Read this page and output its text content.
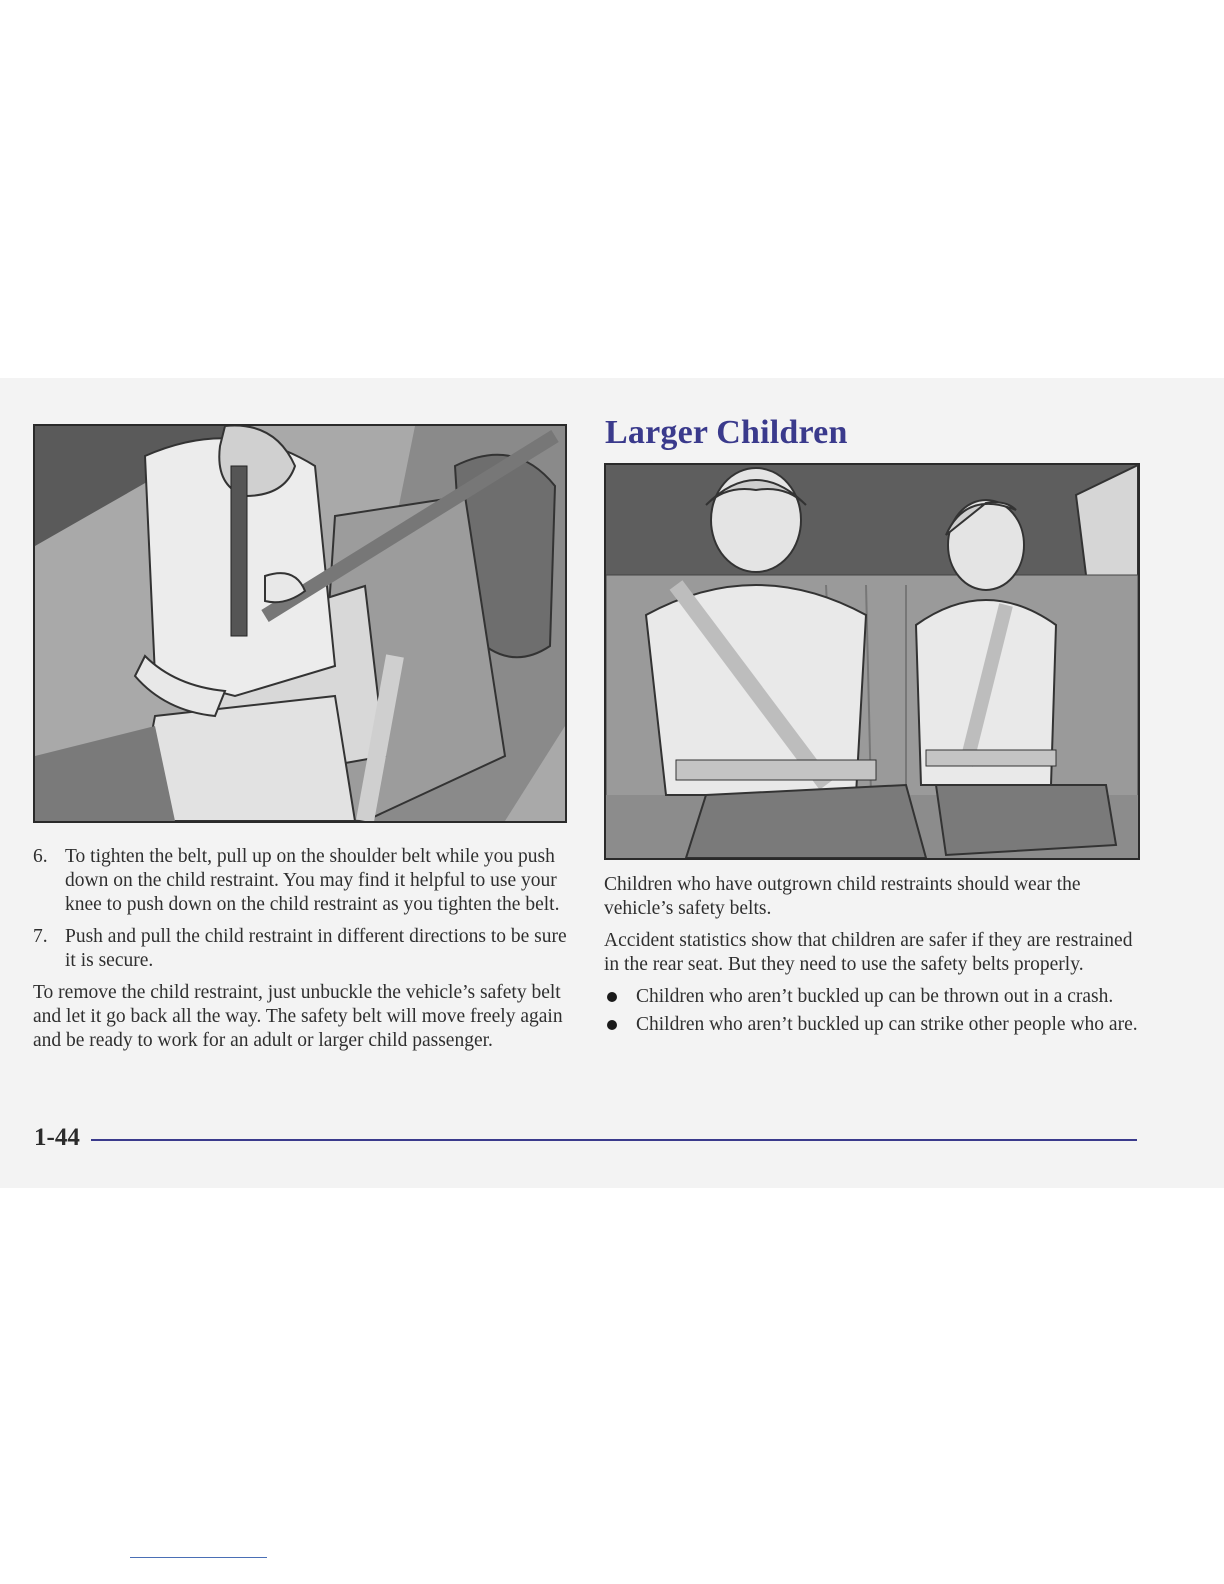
Larger Children
6. To tighten the belt, pull up on the shoulder belt while you push down on the child restraint. You may find it helpful to use your knee to push down on the child restraint as you tighten the belt.
7. Push and pull the child restraint in different directions to be sure it is secure.

To remove the child restraint, just unbuckle the vehicle’s safety belt and let it go back all the way. The safety belt will move freely again and be ready to work for an adult or larger child passenger.

Children who have outgrown child restraints should wear the vehicle’s safety belts.

Accident statistics show that children are safer if they are restrained in the rear seat. But they need to use the safety belts properly.

Children who aren’t buckled up can be thrown out in a crash.
Children who aren’t buckled up can strike other people who are.
1-44
